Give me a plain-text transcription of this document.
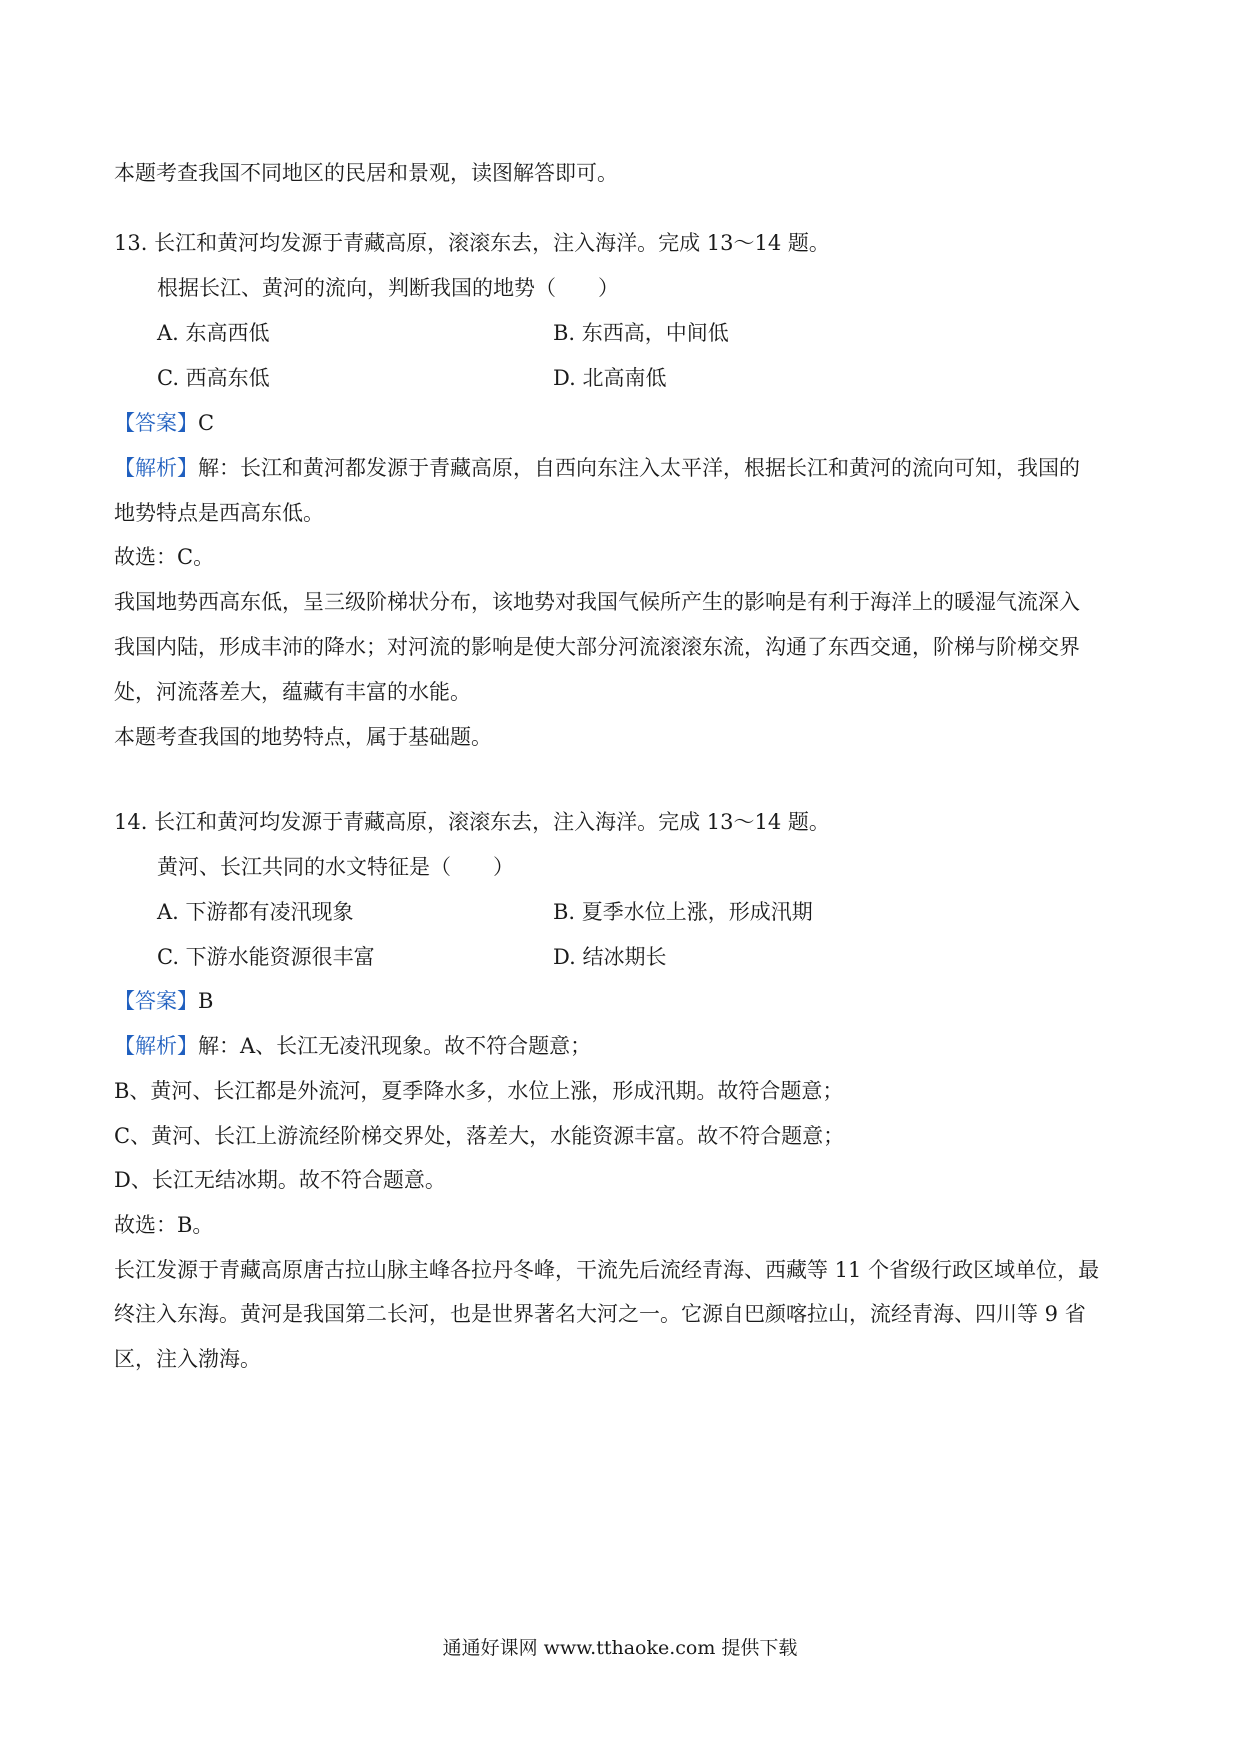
本题考查我国不同地区的民居和景观，读图解答即可。
13. 长江和黄河均发源于青藏高原，滚滚东去，注入海洋。完成 13～14 题。
根据长江、黄河的流向，判断我国的地势（　　）
A. 东高西低	B. 东西高，中间低
C. 西高东低	D. 北高南低
【答案】C
【解析】解：长江和黄河都发源于青藏高原，自西向东注入太平洋，根据长江和黄河的流向可知，我国的
地势特点是西高东低。
故选：C。
我国地势西高东低，呈三级阶梯状分布，该地势对我国气候所产生的影响是有利于海洋上的暖湿气流深入
我国内陆，形成丰沛的降水；对河流的影响是使大部分河流滚滚东流，沟通了东西交通，阶梯与阶梯交界
处，河流落差大，蕴藏有丰富的水能。
本题考查我国的地势特点，属于基础题。
14. 长江和黄河均发源于青藏高原，滚滚东去，注入海洋。完成 13～14 题。
黄河、长江共同的水文特征是（　　）
A. 下游都有凌汛现象	B. 夏季水位上涨，形成汛期
C. 下游水能资源很丰富	D. 结冰期长
【答案】B
【解析】解：A、长江无凌汛现象。故不符合题意；
B、黄河、长江都是外流河，夏季降水多，水位上涨，形成汛期。故符合题意；
C、黄河、长江上游流经阶梯交界处，落差大，水能资源丰富。故不符合题意；
D、长江无结冰期。故不符合题意。
故选：B。
长江发源于青藏高原唐古拉山脉主峰各拉丹冬峰，干流先后流经青海、西藏等 11 个省级行政区域单位，最
终注入东海。黄河是我国第二长河，也是世界著名大河之一。它源自巴颜喀拉山，流经青海、四川等 9 省
区，注入渤海。
通通好课网 www.tthaoke.com 提供下载
